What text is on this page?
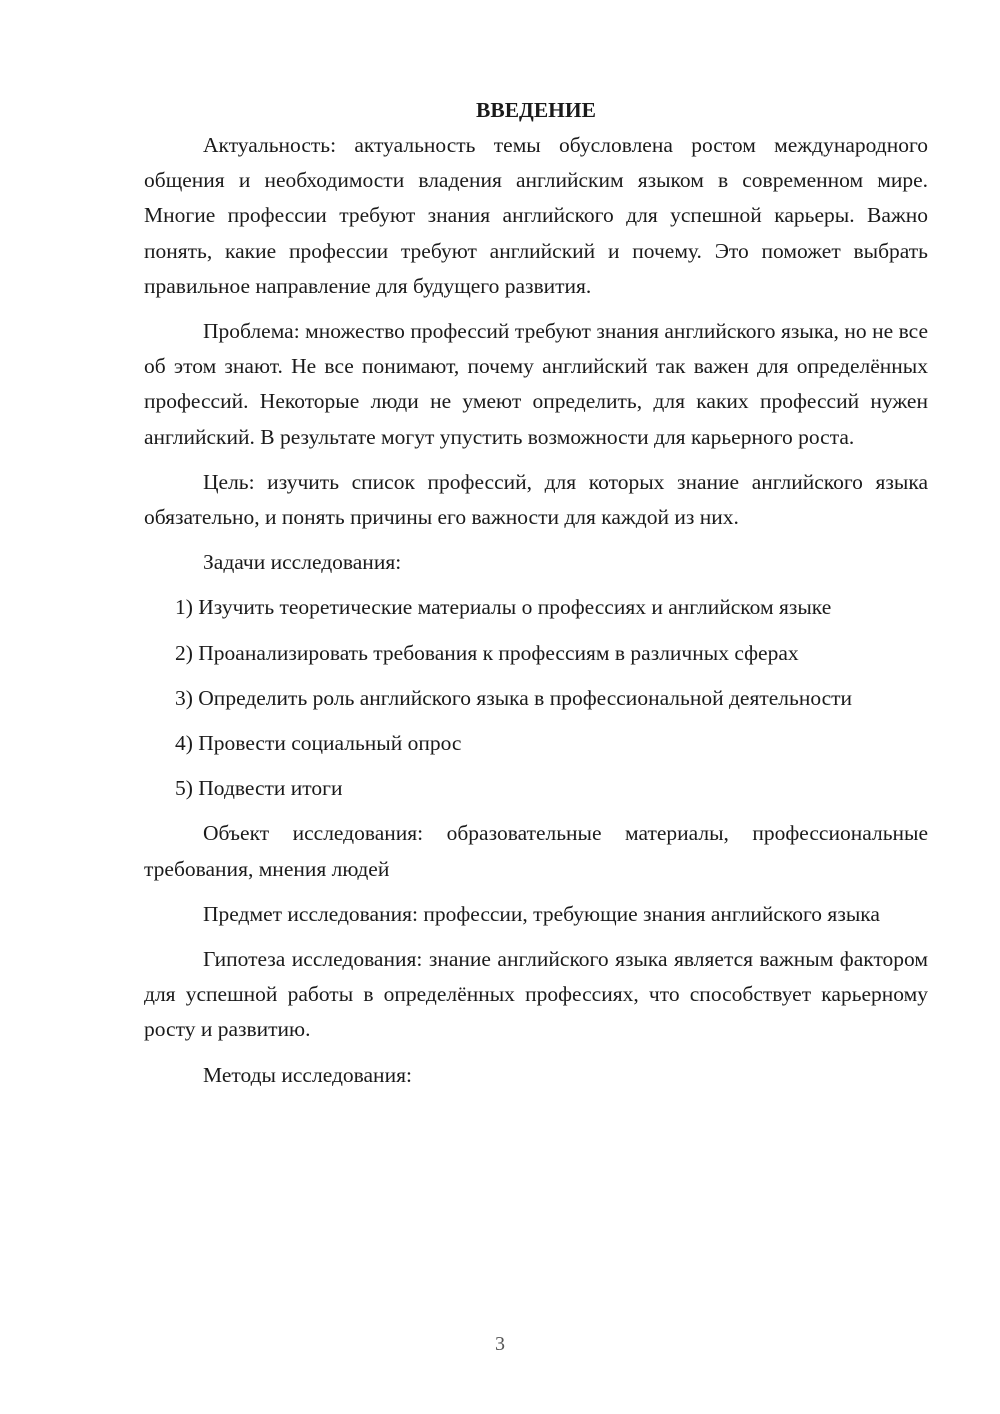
ВВЕДЕНИЕ

Актуальность: актуальность темы обусловлена ростом международного общения и необходимости владения английским языком в современном мире. Многие профессии требуют знания английского для успешной карьеры. Важно понять, какие профессии требуют английский и почему. Это поможет выбрать правильное направление для будущего развития.

Проблема: множество профессий требуют знания английского языка, но не все об этом знают. Не все понимают, почему английский так важен для определённых профессий. Некоторые люди не умеют определить, для каких профессий нужен английский. В результате могут упустить возможности для карьерного роста.

Цель: изучить список профессий, для которых знание английского языка обязательно, и понять причины его важности для каждой из них.

Задачи исследования:

1) Изучить теоретические материалы о профессиях и английском языке

2) Проанализировать требования к профессиям в различных сферах

3) Определить роль английского языка в профессиональной деятельности

4) Провести социальный опрос

5) Подвести итоги

Объект исследования: образовательные материалы, профессиональные требования, мнения людей

Предмет исследования: профессии, требующие знания английского языка

Гипотеза исследования: знание английского языка является важным фактором для успешной работы в определённых профессиях, что способствует карьерному росту и развитию.

Методы исследования:

3
